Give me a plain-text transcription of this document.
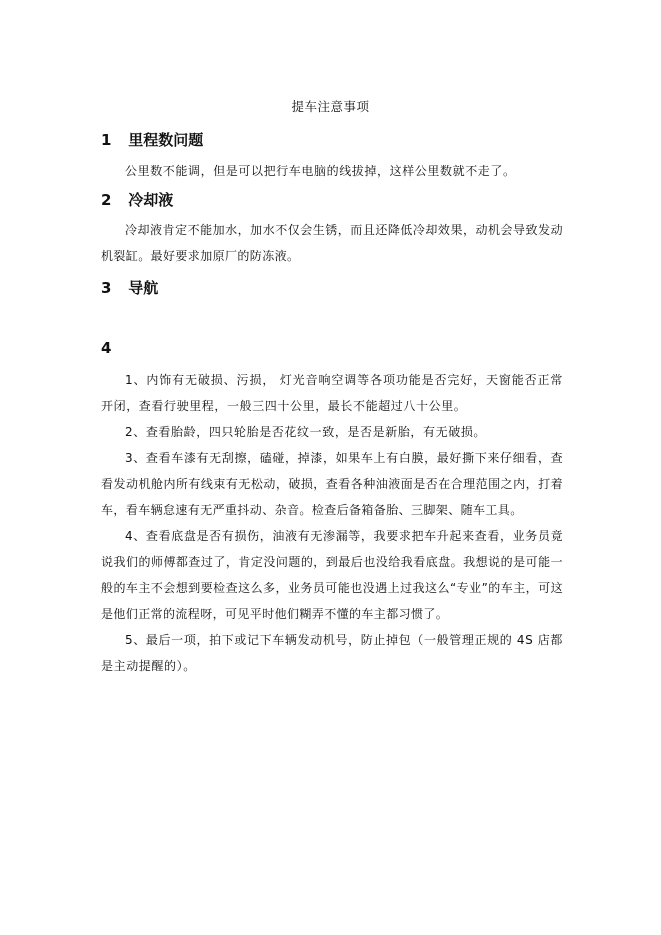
提车注意事项
1 里程数问题

公里数不能调，但是可以把行车电脑的线拔掉，这样公里数就不走了。

2 冷却液

冷却液肯定不能加水，加水不仅会生锈，而且还降低冷却效果，动机会导致发动机裂缸。最好要求加原厂的防冻液。

3 导航
4

1、内饰有无破损、污损， 灯光音响空调等各项功能是否完好，天窗能否正常开闭，查看行驶里程，一般三四十公里，最长不能超过八十公里。

2、查看胎龄，四只轮胎是否花纹一致，是否是新胎，有无破损。

3、查看车漆有无刮擦，磕碰，掉漆，如果车上有白膜，最好撕下来仔细看，查看发动机舱内所有线束有无松动，破损，查看各种油液面是否在合理范围之内，打着车，看车辆怠速有无严重抖动、杂音。检查后备箱备胎、三脚架、随车工具。

4、查看底盘是否有损伤，油液有无渗漏等，我要求把车升起来查看，业务员竟说我们的师傅都查过了，肯定没问题的，到最后也没给我看底盘。我想说的是可能一般的车主不会想到要检查这么多，业务员可能也没遇上过我这么“专业”的车主，可这是他们正常的流程呀，可见平时他们糊弄不懂的车主都习惯了。

5、最后一项，拍下或记下车辆发动机号，防止掉包（一般管理正规的 4S 店都是主动提醒的）。
